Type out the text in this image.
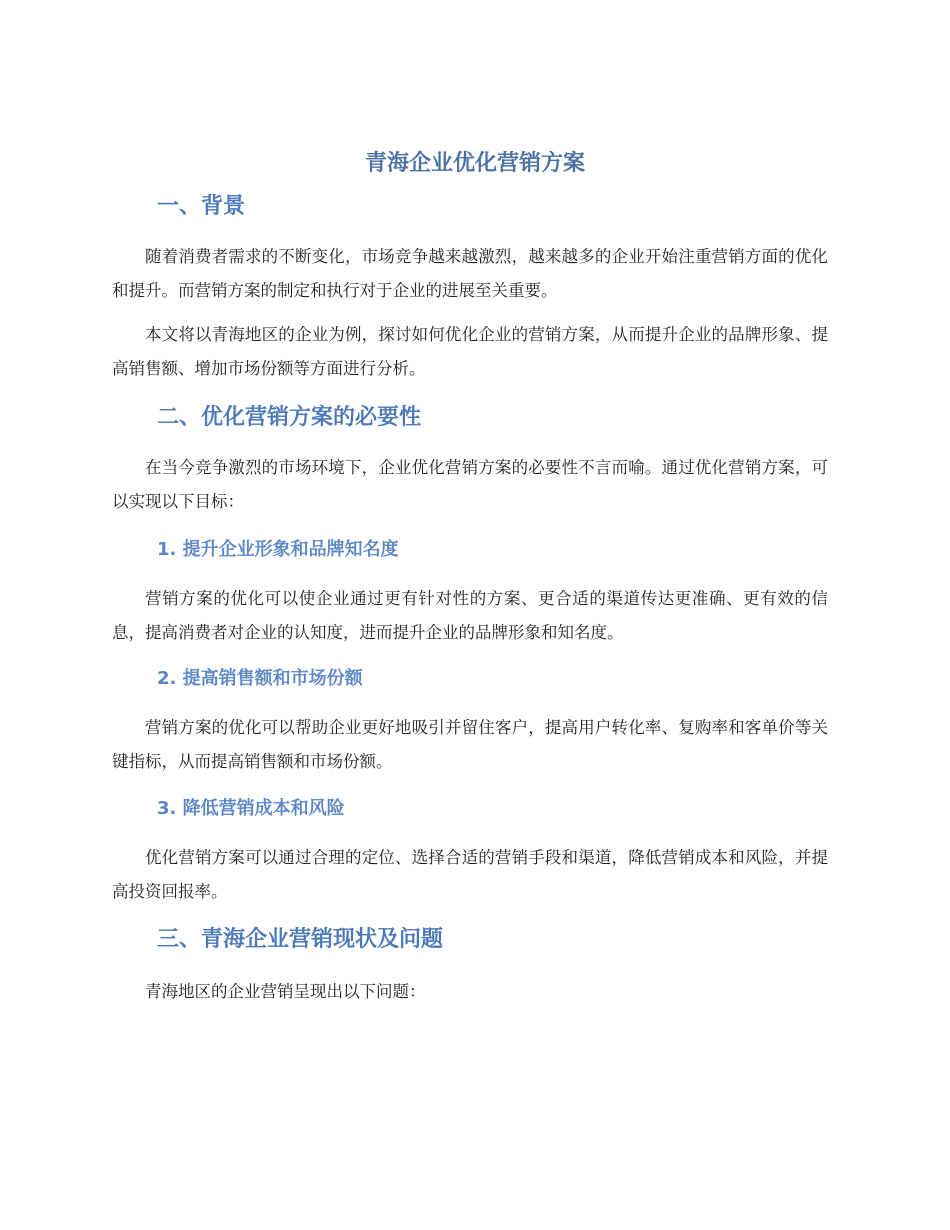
青海企业优化营销方案
一、背景

随着消费者需求的不断变化，市场竞争越来越激烈，越来越多的企业开始注重营销方面的优化和提升。而营销方案的制定和执行对于企业的进展至关重要。

本文将以青海地区的企业为例，探讨如何优化企业的营销方案，从而提升企业的品牌形象、提高销售额、增加市场份额等方面进行分析。

二、优化营销方案的必要性

在当今竞争激烈的市场环境下，企业优化营销方案的必要性不言而喻。通过优化营销方案，可以实现以下目标：

1. 提升企业形象和品牌知名度

营销方案的优化可以使企业通过更有针对性的方案、更合适的渠道传达更准确、更有效的信息，提高消费者对企业的认知度，进而提升企业的品牌形象和知名度。

2. 提高销售额和市场份额

营销方案的优化可以帮助企业更好地吸引并留住客户，提高用户转化率、复购率和客单价等关键指标，从而提高销售额和市场份额。

3. 降低营销成本和风险

优化营销方案可以通过合理的定位、选择合适的营销手段和渠道，降低营销成本和风险，并提高投资回报率。

三、青海企业营销现状及问题

青海地区的企业营销呈现出以下问题：
